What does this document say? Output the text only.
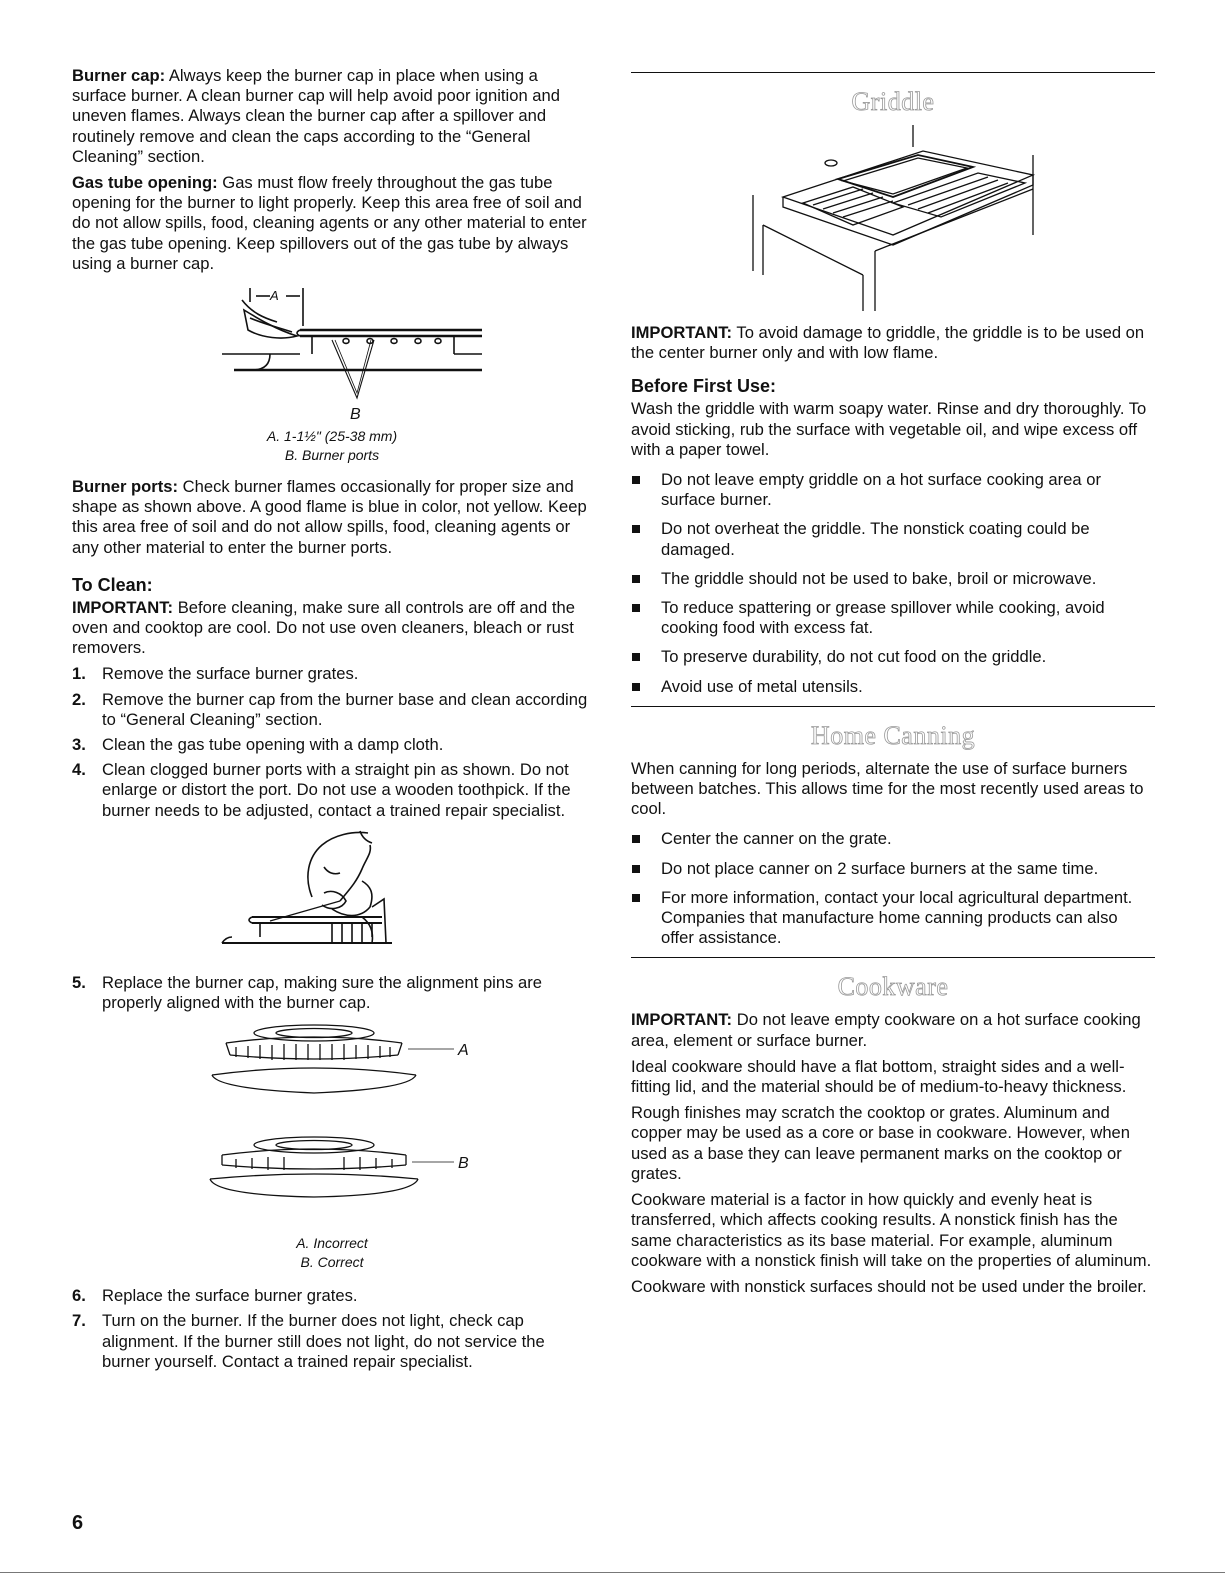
Burner cap: Always keep the burner cap in place when using a surface burner. A clean burner cap will help avoid poor ignition and uneven flames. Always clean the burner cap after a spillover and routinely remove and clean the caps according to the “General Cleaning” section.

Gas tube opening: Gas must flow freely throughout the gas tube opening for the burner to light properly. Keep this area free of soil and do not allow spills, food, cleaning agents or any other material to enter the gas tube opening. Keep spillovers out of the gas tube by always using a burner cap.

A
B

A. 1-1½" (25-38 mm)

B. Burner ports

Burner ports: Check burner flames occasionally for proper size and shape as shown above. A good flame is blue in color, not yellow. Keep this area free of soil and do not allow spills, food, cleaning agents or any other material to enter the burner ports.

To Clean:

IMPORTANT: Before cleaning, make sure all controls are off and the oven and cooktop are cool. Do not use oven cleaners, bleach or rust removers.

1. Remove the surface burner grates.
2. Remove the burner cap from the burner base and clean according to “General Cleaning” section.
3. Clean the gas tube opening with a damp cloth.
4. Clean clogged burner ports with a straight pin as shown. Do not enlarge or distort the port. Do not use a wooden toothpick. If the burner needs to be adjusted, contact a trained repair specialist.
5. Replace the burner cap, making sure the alignment pins are properly aligned with the burner cap.
A
B

A. Incorrect

B. Correct

6. Replace the surface burner grates.
7. Turn on the burner. If the burner does not light, check cap alignment. If the burner still does not light, do not service the burner yourself. Contact a trained repair specialist.
Griddle

IMPORTANT: To avoid damage to griddle, the griddle is to be used on the center burner only and with low flame.

Before First Use:

Wash the griddle with warm soapy water. Rinse and dry thoroughly. To avoid sticking, rub the surface with vegetable oil, and wipe excess off with a paper towel.

Do not leave empty griddle on a hot surface cooking area or surface burner.
Do not overheat the griddle. The nonstick coating could be damaged.
The griddle should not be used to bake, broil or microwave.
To reduce spattering or grease spillover while cooking, avoid cooking food with excess fat.
To preserve durability, do not cut food on the griddle.
Avoid use of metal utensils.
Home Canning

When canning for long periods, alternate the use of surface burners between batches. This allows time for the most recently used areas to cool.

Center the canner on the grate.
Do not place canner on 2 surface burners at the same time.
For more information, contact your local agricultural department. Companies that manufacture home canning products can also offer assistance.
Cookware

IMPORTANT: Do not leave empty cookware on a hot surface cooking area, element or surface burner.

Ideal cookware should have a flat bottom, straight sides and a well-fitting lid, and the material should be of medium-to-heavy thickness.

Rough finishes may scratch the cooktop or grates. Aluminum and copper may be used as a core or base in cookware. However, when used as a base they can leave permanent marks on the cooktop or grates.

Cookware material is a factor in how quickly and evenly heat is transferred, which affects cooking results. A nonstick finish has the same characteristics as its base material. For example, aluminum cookware with a nonstick finish will take on the properties of aluminum.

Cookware with nonstick surfaces should not be used under the broiler.

6
